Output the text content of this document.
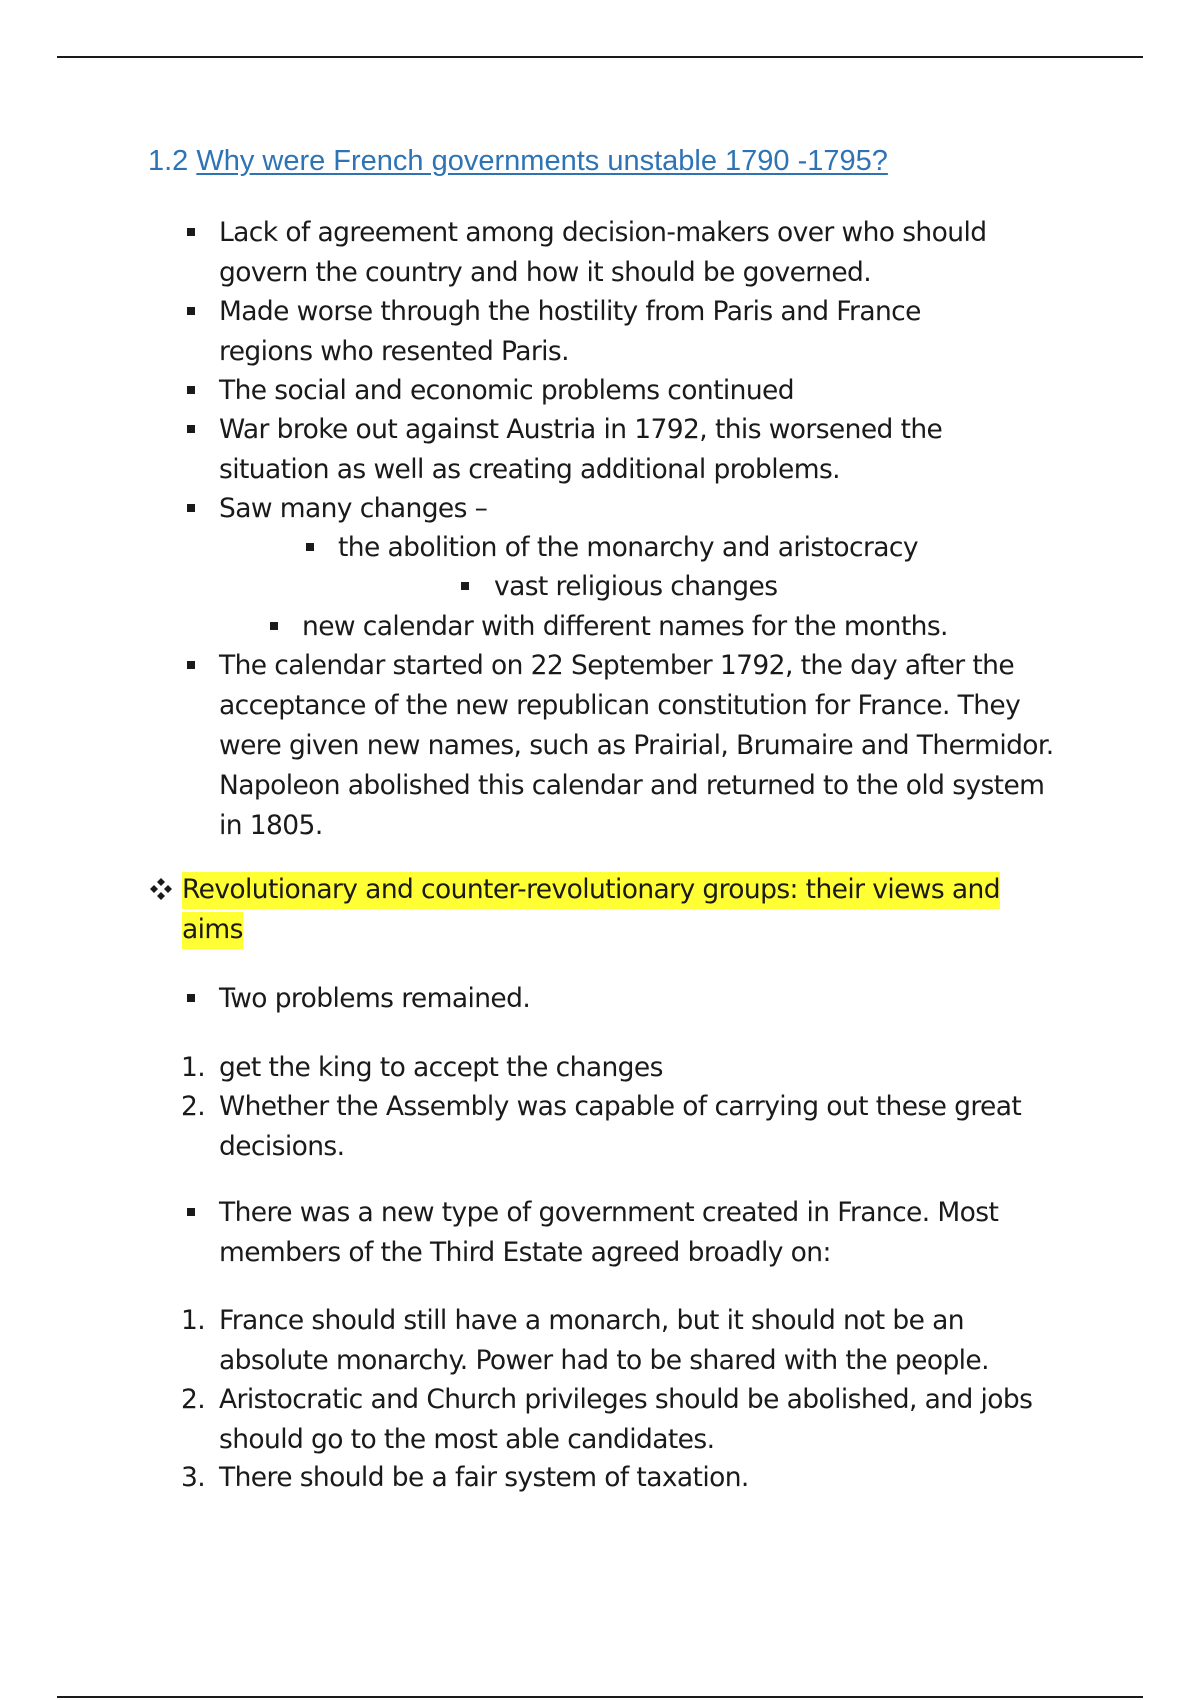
1.2 Why were French governments unstable 1790 -1795?

Lack of agreement among decision-makers over who should govern the country and how it should be governed.

Made worse through the hostility from Paris and France regions who resented Paris.

The social and economic problems continued

War broke out against Austria in 1792, this worsened the situation as well as creating additional problems.

Saw many changes –

the abolition of the monarchy and aristocracy

vast religious changes

new calendar with different names for the months.

The calendar started on 22 September 1792, the day after the acceptance of the new republican constitution for France. They were given new names, such as Prairial, Brumaire and Thermidor. Napoleon abolished this calendar and returned to the old system in 1805.

Revolutionary and counter-revolutionary groups: their views and aims

Two problems remained.

1. get the king to accept the changes

2. Whether the Assembly was capable of carrying out these great decisions.

There was a new type of government created in France. Most members of the Third Estate agreed broadly on:

1. France should still have a monarch, but it should not be an absolute monarchy. Power had to be shared with the people.

2. Aristocratic and Church privileges should be abolished, and jobs should go to the most able candidates.

3. There should be a fair system of taxation.
